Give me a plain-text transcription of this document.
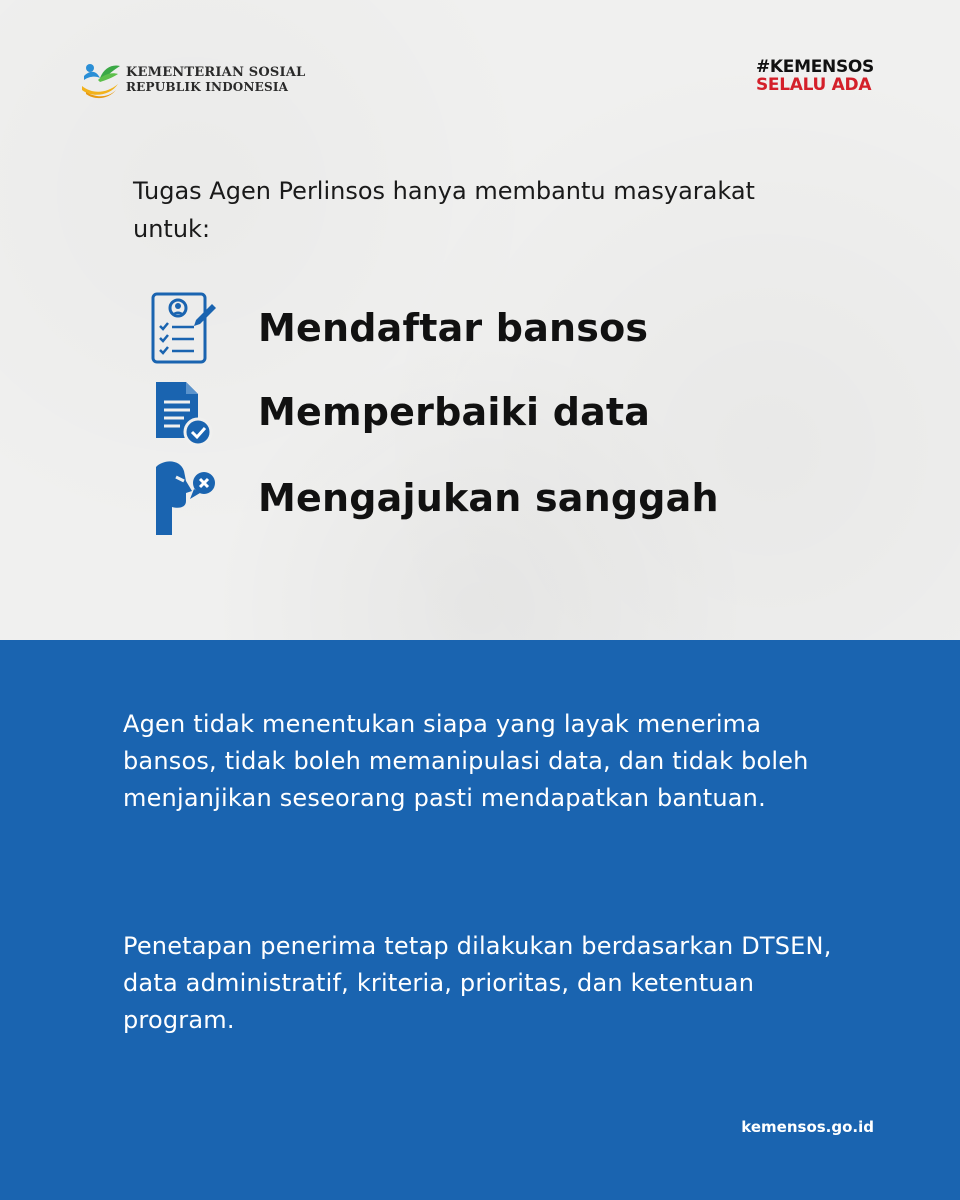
KEMENTERIAN SOSIAL
REPUBLIK INDONESIA
#KEMENSOS
SELALU ADA
Tugas Agen Perlinsos hanya membantu masyarakat untuk:
Mendaftar bansos
Memperbaiki data
Mengajukan sanggah
Agen tidak menentukan siapa yang layak menerima bansos, tidak boleh memanipulasi data, dan tidak boleh menjanjikan seseorang pasti mendapatkan bantuan.
Penetapan penerima tetap dilakukan berdasarkan DTSEN, data administratif, kriteria, prioritas, dan ketentuan program.
kemensos.go.id
